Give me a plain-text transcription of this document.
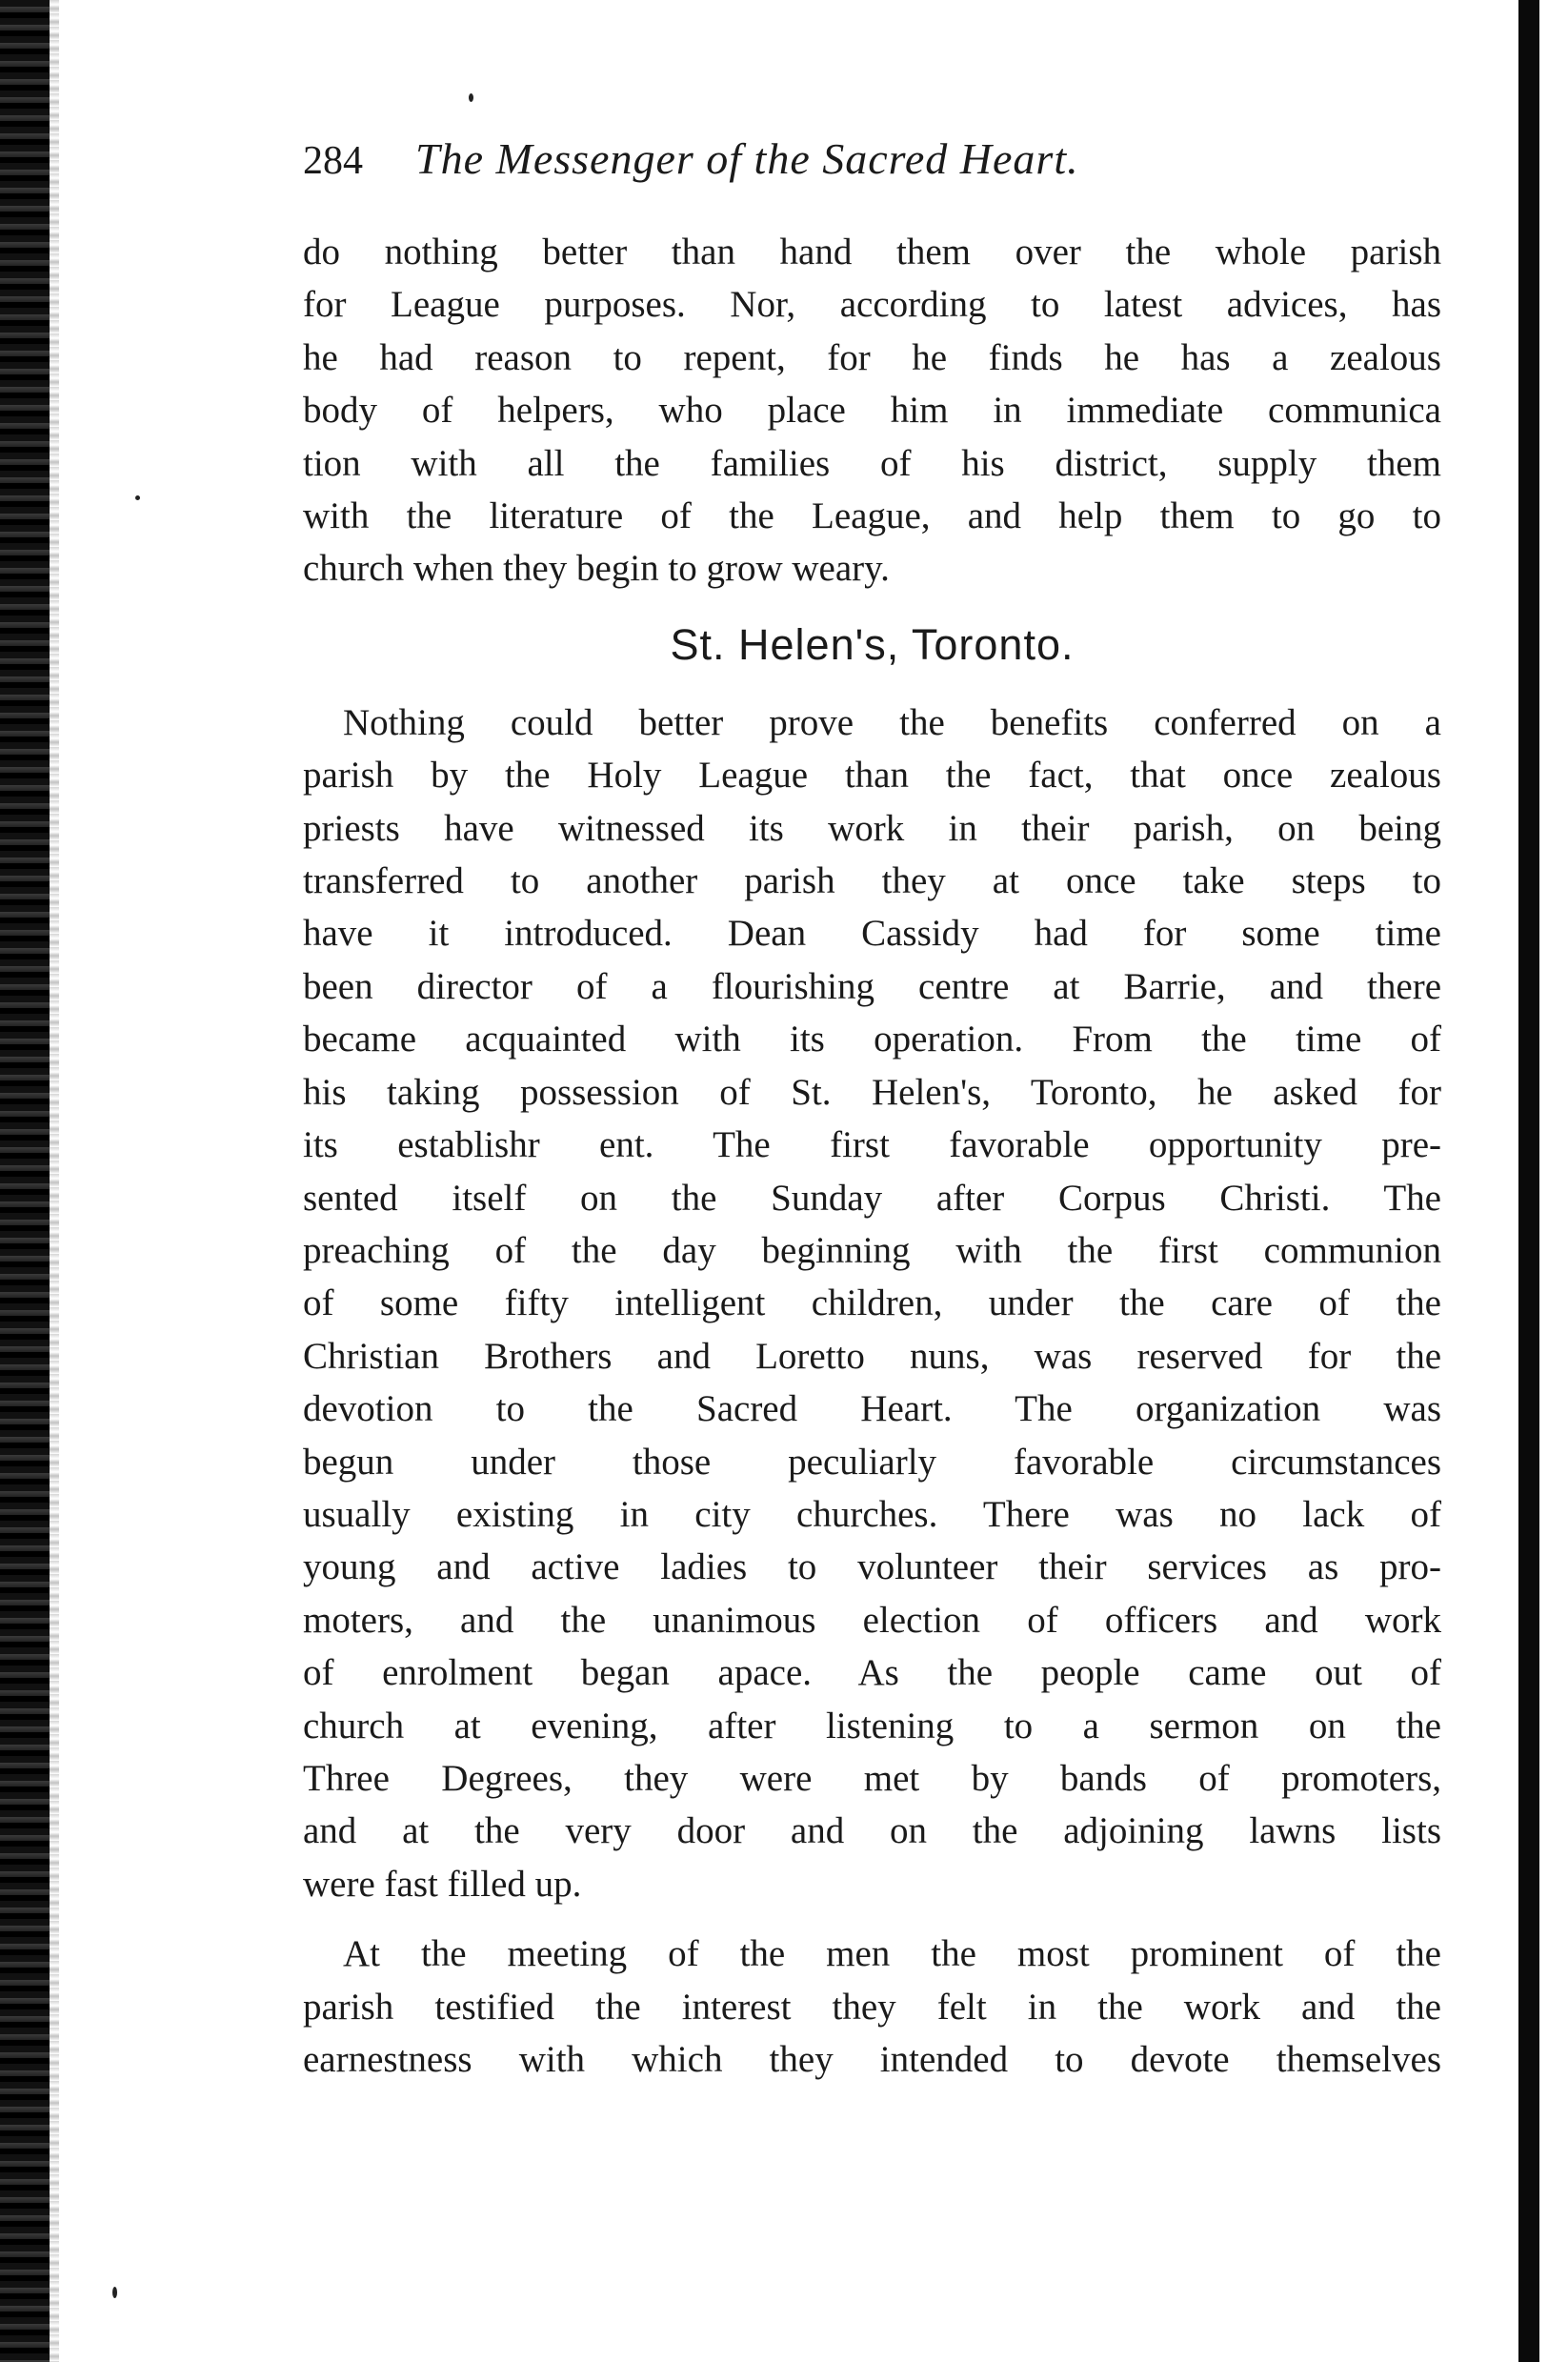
284	The Messenger of the Sacred Heart.

do nothing better than hand them over the whole parish
for League purposes. Nor, according to latest advices, has
he had reason to repent, for he finds he has a zealous
body of helpers, who place him in immediate communica
tion with all the families of his district, supply them
with the literature of the League, and help them to go to
church when they begin to grow weary.

St. Helen's, Toronto.

Nothing could better prove the benefits conferred on a
parish by the Holy League than the fact, that once zealous
priests have witnessed its work in their parish, on being
transferred to another parish they at once take steps to
have it introduced. Dean Cassidy had for some time
been director of a flourishing centre at Barrie, and there
became acquainted with its operation. From the time of
his taking possession of St. Helen's, Toronto, he asked for
its establishr ent. The first favorable opportunity pre-
sented itself on the Sunday after Corpus Christi. The
preaching of the day beginning with the first communion
of some fifty intelligent children, under the care of the
Christian Brothers and Loretto nuns, was reserved for the
devotion to the Sacred Heart. The organization was
begun under those peculiarly favorable circumstances
usually existing in city churches. There was no lack of
young and active ladies to volunteer their services as pro-
moters, and the unanimous election of officers and work
of enrolment began apace. As the people came out of
church at evening, after listening to a sermon on the
Three Degrees, they were met by bands of promoters,
and at the very door and on the adjoining lawns lists
were fast filled up.

At the meeting of the men the most prominent of the
parish testified the interest they felt in the work and the
earnestness with which they intended to devote themselves
